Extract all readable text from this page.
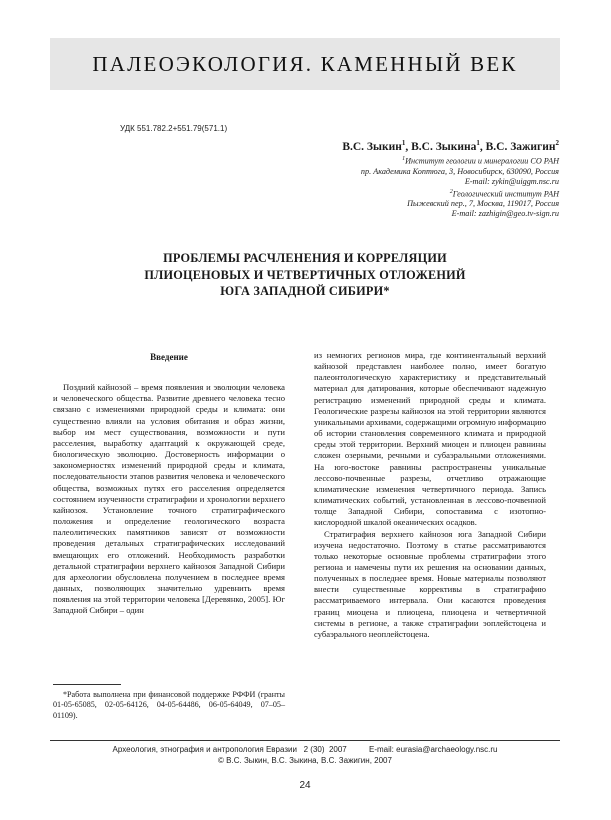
ПАЛЕОЭКОЛОГИЯ. КАМЕННЫЙ ВЕК
УДК 551.782.2+551.79(571.1)
В.С. Зыкин$^1$, В.С. Зыкина$^1$, В.С. Зажигин$^2$
$^1$Институт геологии и минералогии СО РАН
пр. Академика Коптюга, 3, Новосибирск, 630090, Россия
E-mail: zykin@uiggm.nsc.ru
$^2$Геологический институт РАН
Пыжевский пер., 7, Москва, 119017, Россия
E-mail: zazhigin@geo.tv-sign.ru
ПРОБЛЕМЫ РАСЧЛЕНЕНИЯ И КОРРЕЛЯЦИИ
ПЛИОЦЕНОВЫХ И ЧЕТВЕРТИЧНЫХ ОТЛОЖЕНИЙ
ЮГА ЗАПАДНОЙ СИБИРИ*
Введение

Поздний кайнозой – время появления и эволюции человека и человеческого общества. Развитие древнего человека тесно связано с изменениями природной среды и климата: они существенно влияли на условия обитания и образ жизни, выбор им мест существования, возможности и пути расселения, выработку адаптаций к окружающей среде, биологическую эволюцию. Достоверность информации о закономерностях изменений природной среды и климата, последовательности этапов развития человека и человеческого общества, возможных путях его расселения определяется состоянием изученности стратиграфии и хронологии верхнего кайнозоя. Установление точного стратиграфического положения и определение геологического возраста палеолитических памятников зависят от возможности проведения детальных стратиграфических исследований вмещающих его отложений. Необходимость разработки детальной стратиграфии верхнего кайнозоя Западной Сибири для археологии обусловлена получением в последнее время данных, позволяющих значительно удревнить время появления на этой территории человека [Деревянко, 2005]. Юг Западной Сибири – один

из немногих регионов мира, где континентальный верхний кайнозой представлен наиболее полно, имеет богатую палеонтологическую характеристику и представительный материал для датирования, которые обеспечивают надежную регистрацию изменений природной среды и климата. Геологические разрезы кайнозоя на этой территории являются уникальными архивами, содержащими огромную информацию об истории становления современного климата и природной среды этой территории. Верхний миоцен и плиоцен равнины сложен озерными, речными и субаэральными отложениями. На юго-востоке равнины распространены уникальные лессово-почвенные разрезы, отчетливо отражающие климатические изменения четвертичного периода. Запись климатических событий, установленная в лессово-почвенной толще Западной Сибири, сопоставима с изотопно-кислородной шкалой океанических осадков.

Стратиграфия верхнего кайнозоя юга Западной Сибири изучена недостаточно. Поэтому в статье рассматриваются только некоторые основные проблемы стратиграфии этого региона и намечены пути их решения на основании данных, полученных в последнее время. Новые материалы позволяют внести существенные коррективы в стратиграфию рассматриваемого интервала. Они касаются проведения границ миоцена и плиоцена, плиоцена и четвертичной системы в регионе, а также стратиграфии эоплейстоцена и субаэрального неоплейстоцена.

*Работа выполнена при финансовой поддержке РФФИ (гранты 01-05-65085, 02-05-64126, 04-05-64486, 06-05-64049, 07–05–01109).
Археология, этнография и антропология Евразии   2 (30)  2007	E-mail: eurasia@archaeology.nsc.ru
© В.С. Зыкин, В.С. Зыкина, В.С. Зажигин, 2007
24
